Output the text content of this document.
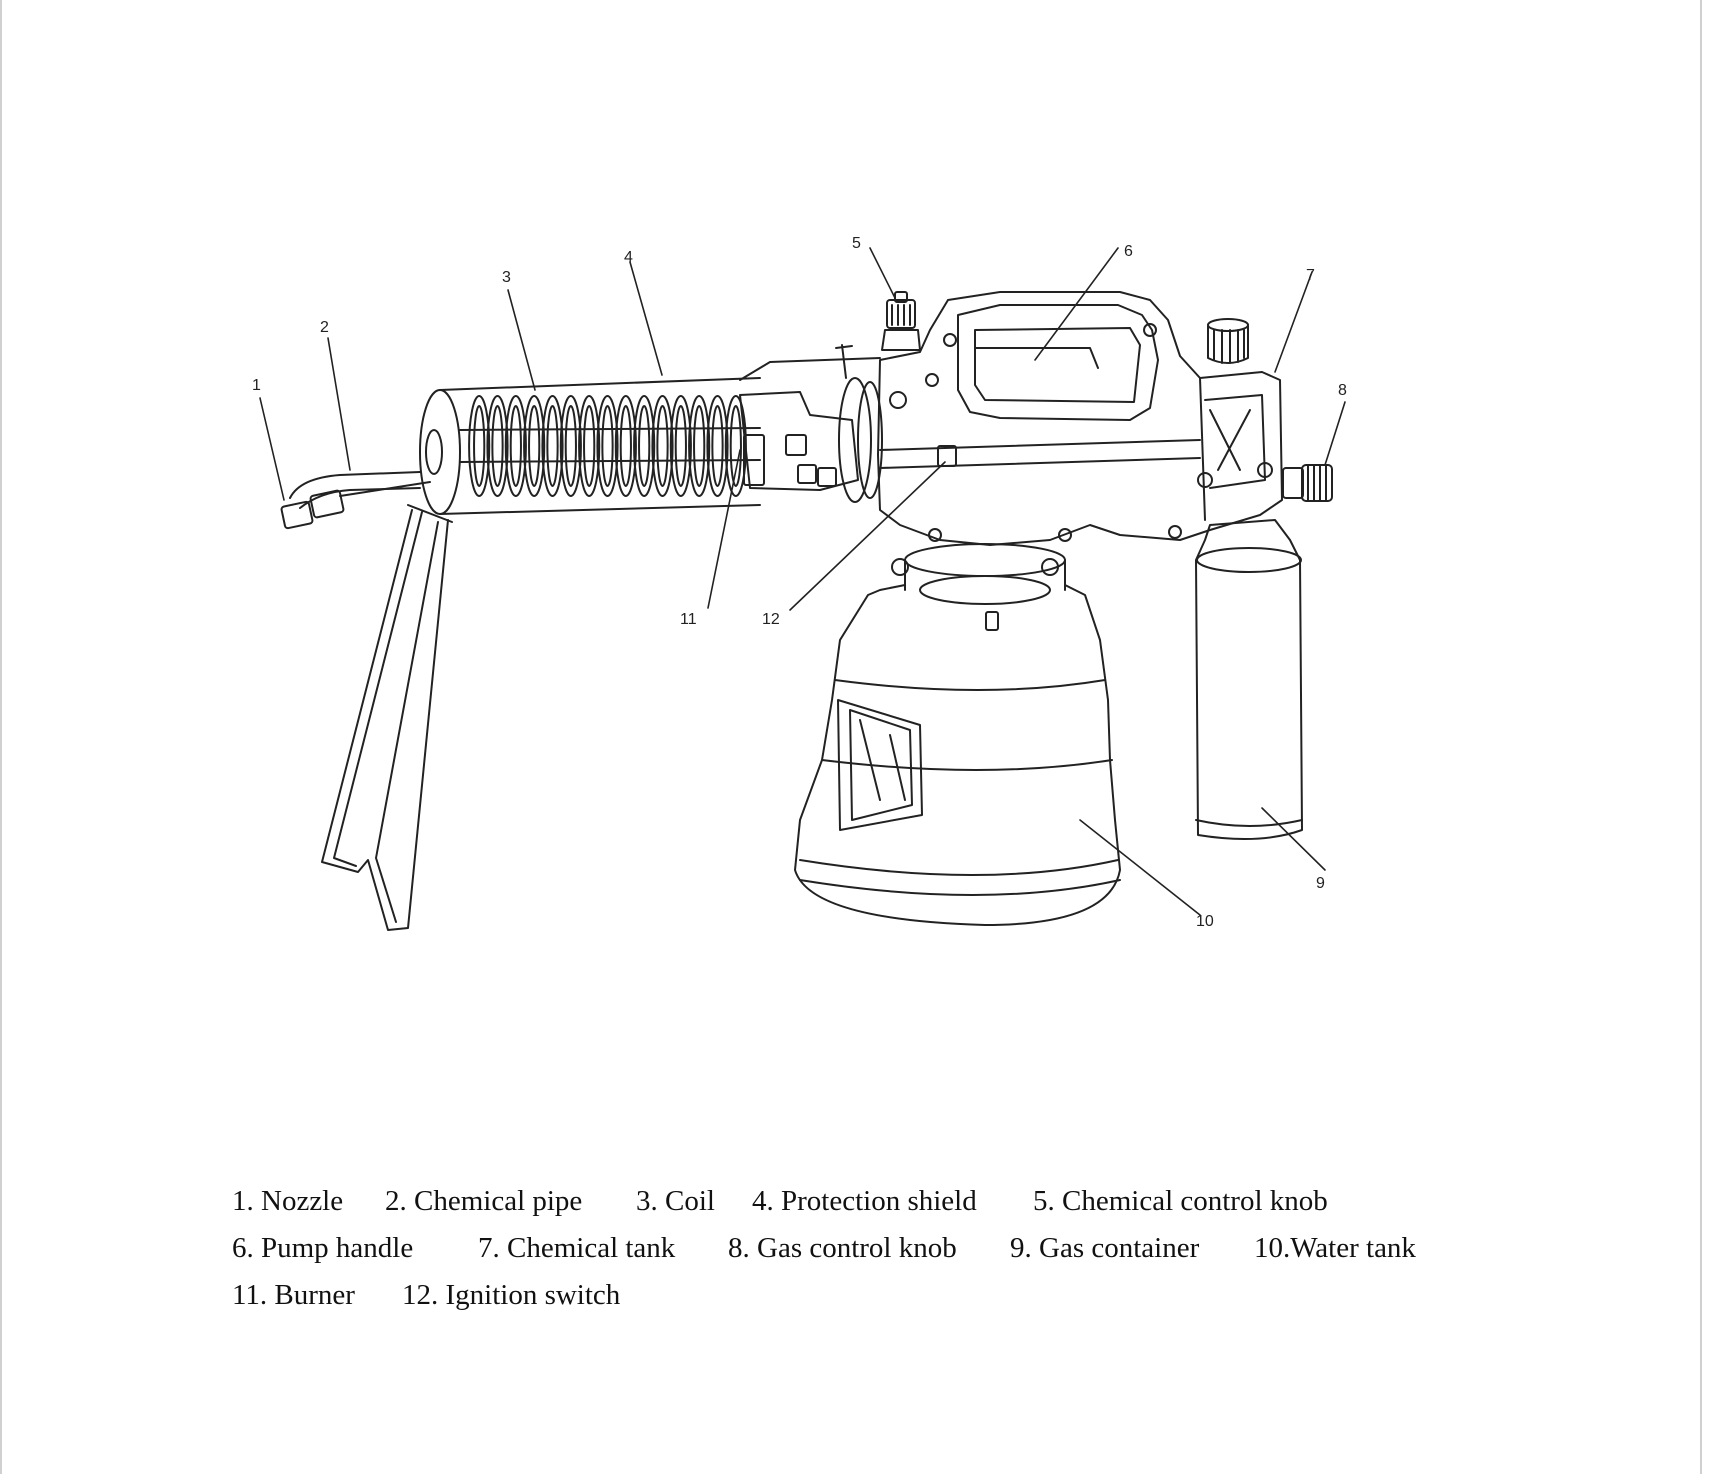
1
2
3
4
5	6
7
8
9
10
11	12
1. Nozzle 2. Chemical pipe 3. Coil 4. Protection shield 5. Chemical control knob
6. Pump handle 7. Chemical tank 8. Gas control knob 9. Gas container 10.Water tank
11. Burner 12. Ignition switch
